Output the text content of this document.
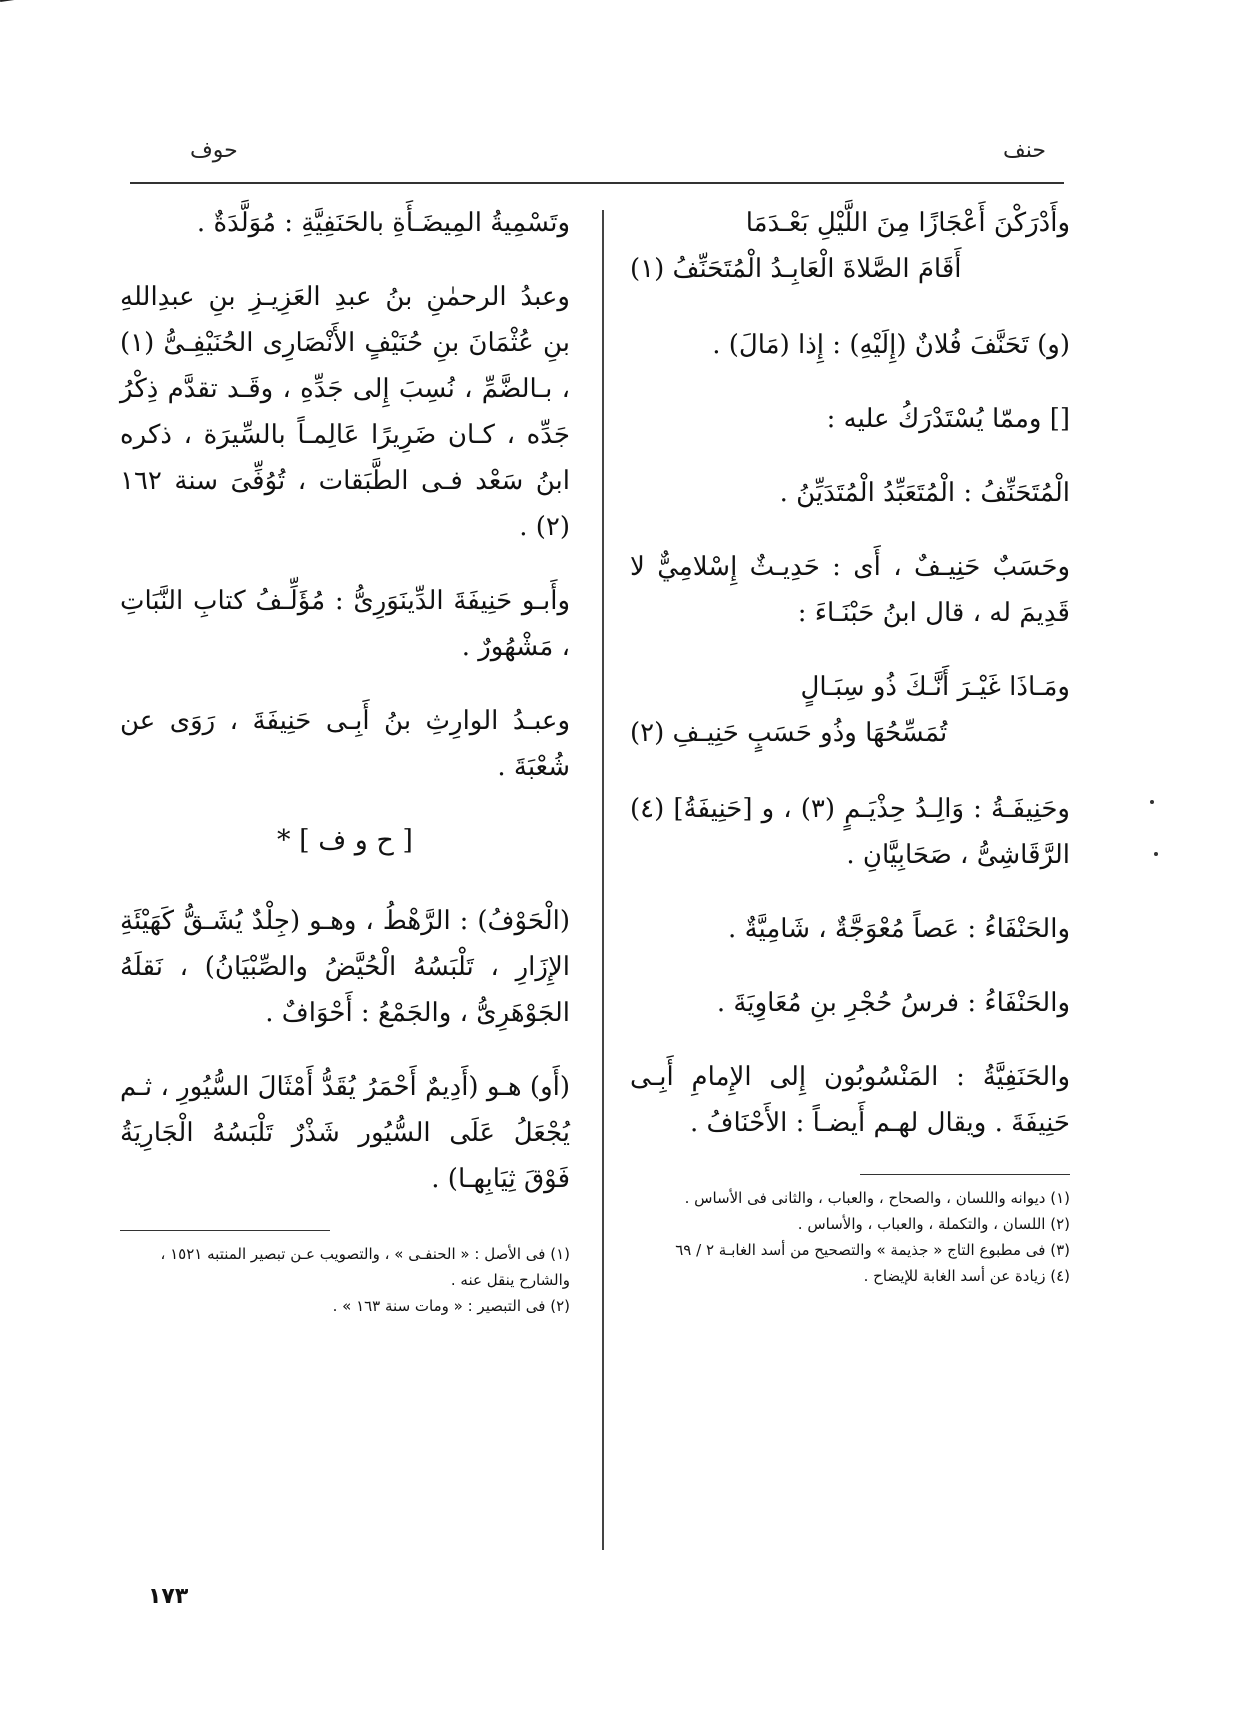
حوف	حنف
وأَدْرَكْنَ أَعْجَازًا مِنَ اللَّيْلِ بَعْـدَمَا
أَقَامَ الصَّلاةَ الْعَابِـدُ الْمُتَحَنِّفُ (١)

(و) تَحَنَّفَ فُلانٌ (إِلَيْهِ) : إِذا (مَالَ) .

[] وممّا يُسْتَدْرَكُ عليه :

الْمُتَحَنِّفُ : الْمُتَعَبِّدُ الْمُتَدَيِّنُ .

وحَسَبٌ حَنِيـفٌ ، أَى : حَدِيـثٌ إِسْلامِيٌّ لا قَدِيمَ له ، قال ابنُ حَبْنَـاءَ :

ومَـاذَا غَيْـرَ أَنَّـكَ ذُو سِبَـالٍ
تُمَسِّحُهَا وذُو حَسَبٍ حَنِيـفِ (٢)

وحَنِيفَـةُ : وَالِـدُ حِذْيَـمٍ (٣) ، و [حَنِيفَةُ] (٤) الرَّقَاشِىُّ ، صَحَابِيَّانِ .

والحَنْفَاءُ : عَصاً مُعْوَجَّةٌ ، شَامِيَّةٌ .

والحَنْفَاءُ : فرسُ حُجْرِ بنِ مُعَاوِيَةَ .

والحَنَفِيَّةُ : المَنْسُوبُون إِلى الإِمامِ أَبِـى حَنِيفَةَ . ويقال لهـم أَيضـاً : الأَحْنَافُ .

(١) ديوانه واللسان ، والصحاح ، والعباب ، والثانى فى الأساس .

(٢) اللسان ، والتكملة ، والعباب ، والأساس .

(٣) فى مطبوع التاج « جذيمة » والتصحيح من أسد الغابـة ٢ / ٦٩

(٤) زيادة عن أسد الغابة للإيضاح .

وتَسْمِيةُ المِيضَـأَةِ بالحَنَفِيَّةِ : مُوَلَّدَةٌ .

وعبدُ الرحمٰنِ بنُ عبدِ العَزِيـزِ بنِ عبدِاللهِ بنِ عُثْمَانَ بنِ حُنَيْفٍ الأَنْصَارِى الحُنَيْفِـىُّ (١) ، بـالضَّمِّ ، نُسِبَ إِلى جَدِّهِ ، وقَـد تقدَّم ذِكْرُ جَدِّه ، كـان ضَرِيرًا عَالِمـاً بالسِّيرَة ، ذكره ابنُ سَعْد فـى الطَّبَقات ، تُوُفِّىَ سنة ١٦٢ (٢) .

وأَبـو حَنِيفَةَ الدِّينَوَرِىُّ : مُؤَلِّـفُ كتابِ النَّبَاتِ ، مَشْهُورٌ .

وعبـدُ الوارِثِ بنُ أَبِـى حَنِيفَةَ ، رَوَى عن شُعْبَةَ .

[ ح و ف ] *

(الْحَوْفُ) : الرَّهْطُ ، وهـو (جِلْدٌ يُشَـقُّ كَهَيْئَةِ الإِزَارِ ، تَلْبَسُهُ الْحُيَّضُ والصِّبْيَانُ) ، نَقلَهُ الجَوْهَرِىُّ ، والجَمْعُ : أَحْوَافٌ .

(أَو) هـو (أَدِيمٌ أَحْمَرُ يُقَدُّ أَمْثَالَ السُّيُورِ ، ثـم يُجْعَلُ عَلَى السُّيُور شَذْرٌ تَلْبَسُهُ الْجَارِيَةُ فَوْقَ ثِيَابِهـا) .

(١) فى الأصل : « الحنفـى » ، والتصويب عـن تبصير المنتبه ١٥٢١ ، والشارح ينقل عنه .

(٢) فى التبصير : « ومات سنة ١٦٣ » .

١٧٣
